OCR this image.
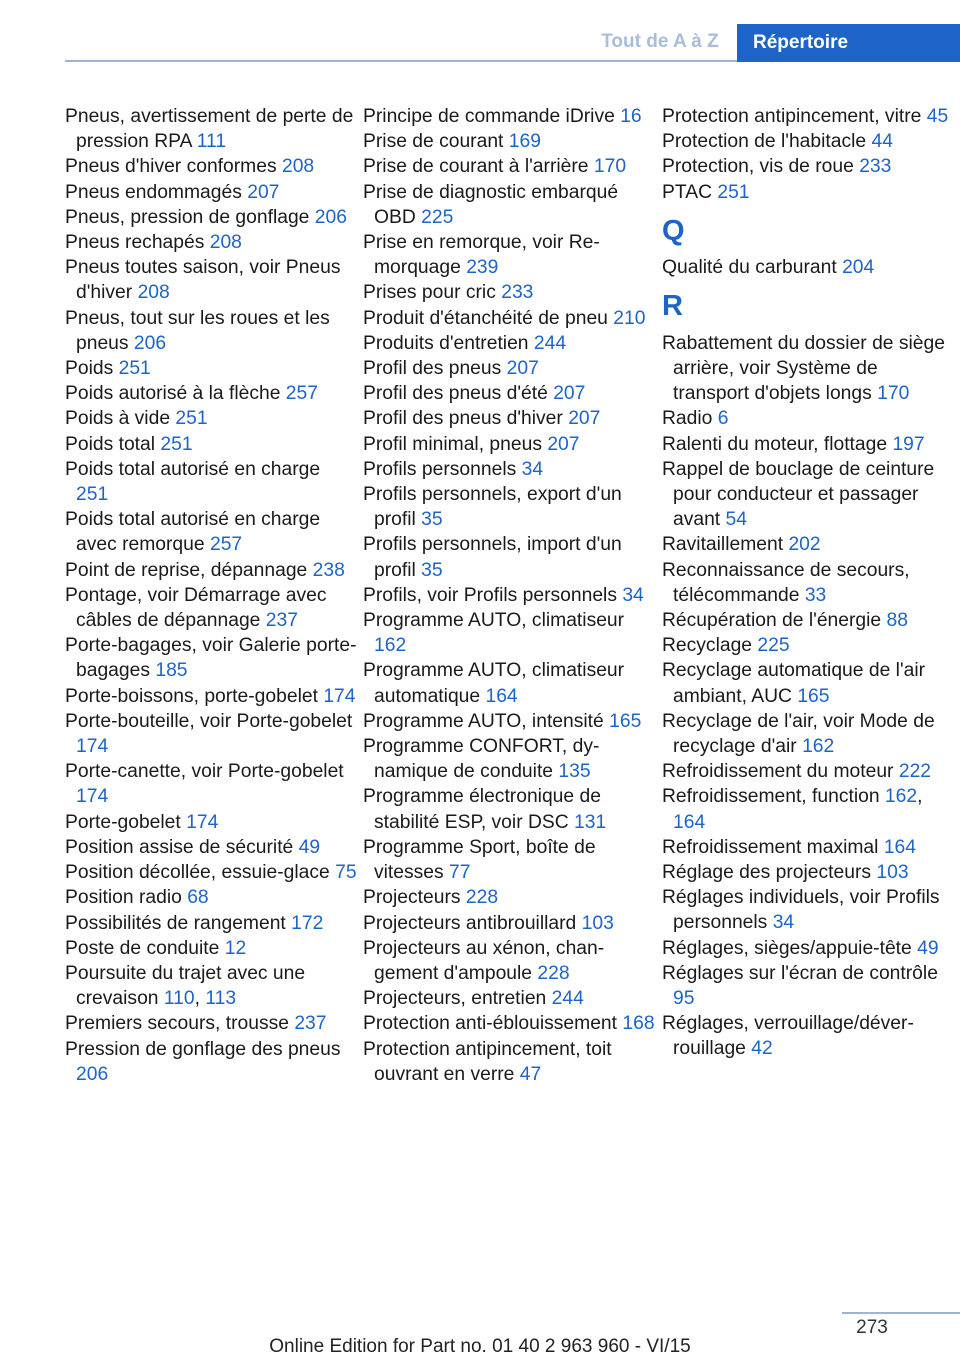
Tout de A à Z	Répertoire
Pneus, avertissement de perte de pression RPA 111
Pneus d'hiver conformes 208
Pneus endommagés 207
Pneus, pression de gonflage 206
Pneus rechapés 208
Pneus toutes saison, voir Pneus d'hiver 208
Pneus, tout sur les roues et les pneus 206
Poids 251
Poids autorisé à la flèche 257
Poids à vide 251
Poids total 251
Poids total autorisé en charge 251
Poids total autorisé en charge avec remorque 257
Point de reprise, dépannage 238
Pontage, voir Démarrage avec câbles de dépannage 237
Porte-bagages, voir Galerie porte-bagages 185
Porte-boissons, porte-gobelet 174
Porte-bouteille, voir Porte-gobelet 174
Porte-canette, voir Porte-gobelet 174
Porte-gobelet 174
Position assise de sécurité 49
Position décollée, essuie-glace 75
Position radio 68
Possibilités de rangement 172
Poste de conduite 12
Poursuite du trajet avec une crevaison 110, 113
Premiers secours, trousse 237
Pression de gonflage des pneus 206
Principe de commande iDrive 16
Prise de courant 169
Prise de courant à l'arrière 170
Prise de diagnostic embarqué OBD 225
Prise en remorque, voir Remorquage 239
Prises pour cric 233
Produit d'étanchéité de pneu 210
Produits d'entretien 244
Profil des pneus 207
Profil des pneus d'été 207
Profil des pneus d'hiver 207
Profil minimal, pneus 207
Profils personnels 34
Profils personnels, export d'un profil 35
Profils personnels, import d'un profil 35
Profils, voir Profils personnels 34
Programme AUTO, climatiseur 162
Programme AUTO, climatiseur automatique 164
Programme AUTO, intensité 165
Programme CONFORT, dynamique de conduite 135
Programme électronique de stabilité ESP, voir DSC 131
Programme Sport, boîte de vitesses 77
Projecteurs 228
Projecteurs antibrouillard 103
Projecteurs au xénon, changement d'ampoule 228
Projecteurs, entretien 244
Protection anti-éblouissement 168
Protection antipincement, toit ouvrant en verre 47
Protection antipincement, vitre 45
Protection de l'habitacle 44
Protection, vis de roue 233
PTAC 251
Q
Qualité du carburant 204
R
Rabattement du dossier de siège arrière, voir Système de transport d'objets longs 170
Radio 6
Ralenti du moteur, flottage 197
Rappel de bouclage de ceinture pour conducteur et passager avant 54
Ravitaillement 202
Reconnaissance de secours, télécommande 33
Récupération de l'énergie 88
Recyclage 225
Recyclage automatique de l'air ambiant, AUC 165
Recyclage de l'air, voir Mode de recyclage d'air 162
Refroidissement du moteur 222
Refroidissement, function 162, 164
Refroidissement maximal 164
Réglage des projecteurs 103
Réglages individuels, voir Profils personnels 34
Réglages, sièges/appuie-tête 49
Réglages sur l'écran de contrôle 95
Réglages, verrouillage/déverrouillage 42
273
Online Edition for Part no. 01 40 2 963 960 - VI/15
